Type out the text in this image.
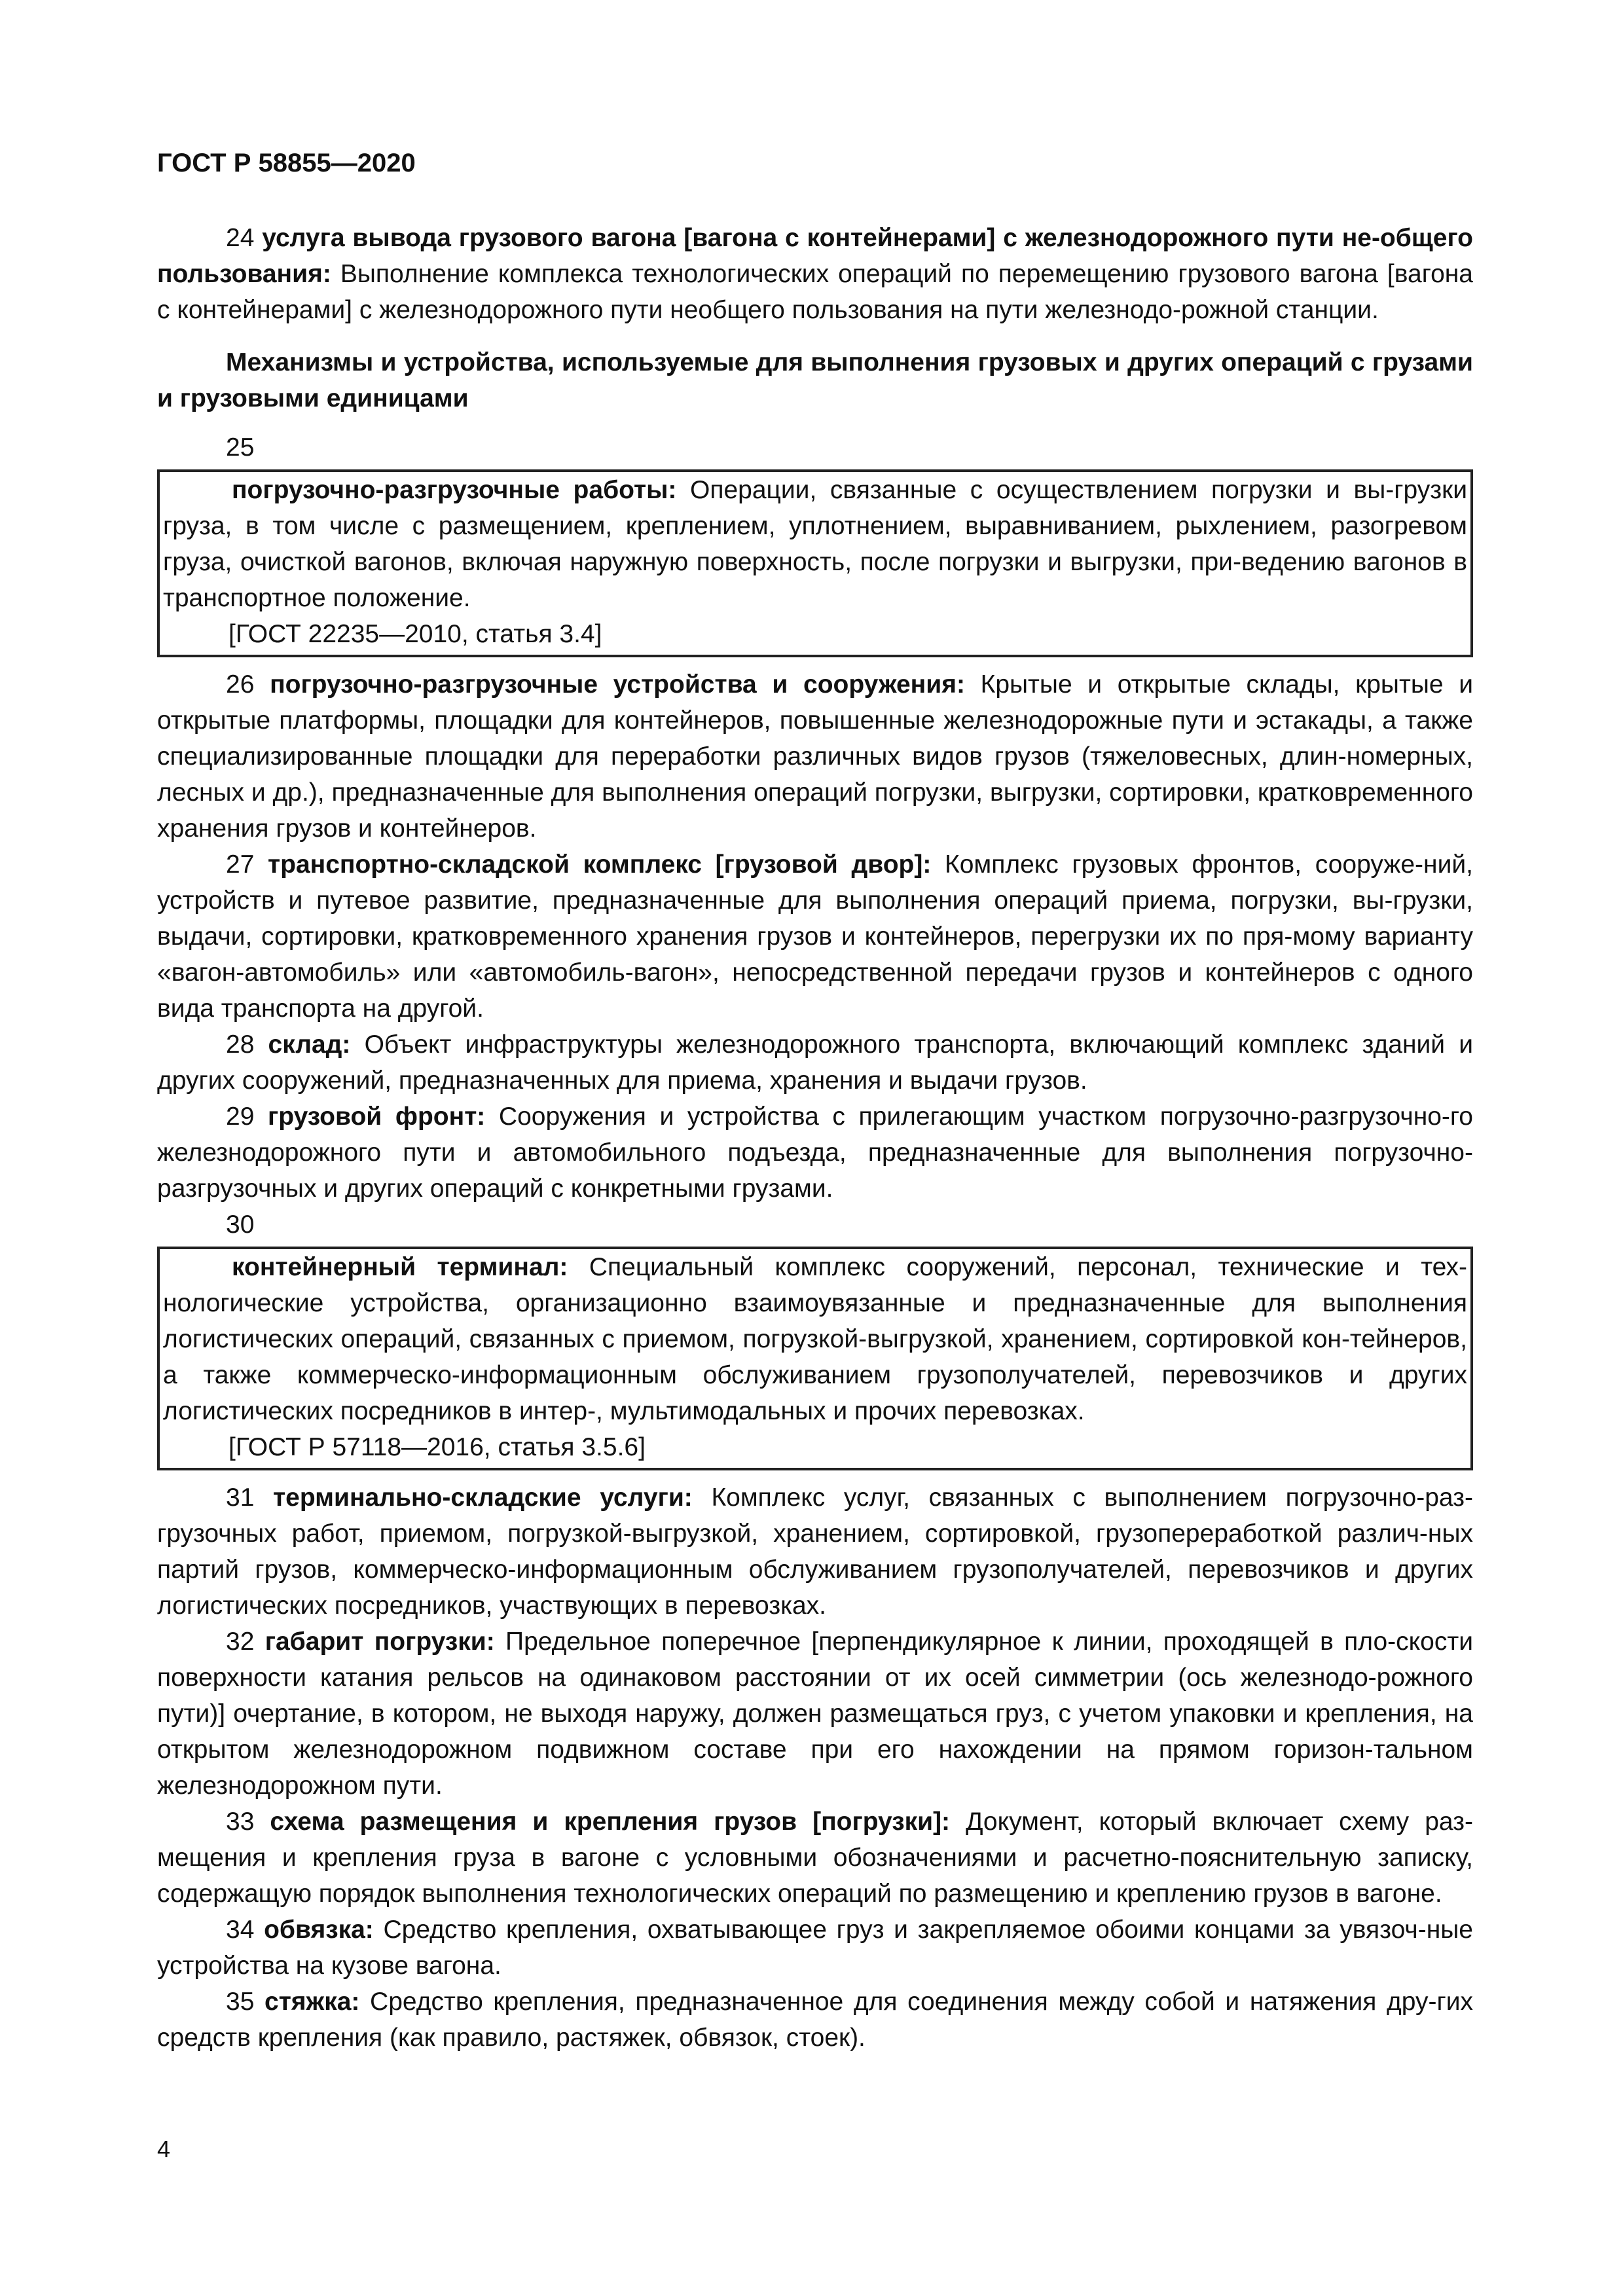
ГОСТ Р 58855—2020

24 услуга вывода грузового вагона [вагона с контейнерами] с железнодорожного пути не-общего пользования: Выполнение комплекса технологических операций по перемещению грузового вагона [вагона с контейнерами] с железнодорожного пути необщего пользования на пути железнодо-рожной станции.

Механизмы и устройства, используемые для выполнения грузовых и других операций с грузами и грузовыми единицами

25

погрузочно-разгрузочные работы: Операции, связанные с осуществлением погрузки и вы-грузки груза, в том числе с размещением, креплением, уплотнением, выравниванием, рыхлением, разогревом груза, очисткой вагонов, включая наружную поверхность, после погрузки и выгрузки, при-ведению вагонов в транспортное положение.

[ГОСТ 22235—2010, статья 3.4]

26 погрузочно-разгрузочные устройства и сооружения: Крытые и открытые склады, крытые и открытые платформы, площадки для контейнеров, повышенные железнодорожные пути и эстакады, а также специализированные площадки для переработки различных видов грузов (тяжеловесных, длин-номерных, лесных и др.), предназначенные для выполнения операций погрузки, выгрузки, сортировки, кратковременного хранения грузов и контейнеров.

27 транспортно-складской комплекс [грузовой двор]: Комплекс грузовых фронтов, сооруже-ний, устройств и путевое развитие, предназначенные для выполнения операций приема, погрузки, вы-грузки, выдачи, сортировки, кратковременного хранения грузов и контейнеров, перегрузки их по пря-мому варианту «вагон-автомобиль» или «автомобиль-вагон», непосредственной передачи грузов и контейнеров с одного вида транспорта на другой.

28 склад: Объект инфраструктуры железнодорожного транспорта, включающий комплекс зданий и других сооружений, предназначенных для приема, хранения и выдачи грузов.

29 грузовой фронт: Сооружения и устройства с прилегающим участком погрузочно-разгрузочно-го железнодорожного пути и автомобильного подъезда, предназначенные для выполнения погрузочно-разгрузочных и других операций с конкретными грузами.

30

контейнерный терминал: Специальный комплекс сооружений, персонал, технические и тех-нологические устройства, организационно взаимоувязанные и предназначенные для выполнения логистических операций, связанных с приемом, погрузкой-выгрузкой, хранением, сортировкой кон-тейнеров, а также коммерческо-информационным обслуживанием грузополучателей, перевозчиков и других логистических посредников в интер-, мультимодальных и прочих перевозках.

[ГОСТ Р 57118—2016, статья 3.5.6]

31 терминально-складские услуги: Комплекс услуг, связанных с выполнением погрузочно-раз-грузочных работ, приемом, погрузкой-выгрузкой, хранением, сортировкой, грузопереработкой различ-ных партий грузов, коммерческо-информационным обслуживанием грузополучателей, перевозчиков и других логистических посредников, участвующих в перевозках.

32 габарит погрузки: Предельное поперечное [перпендикулярное к линии, проходящей в пло-скости поверхности катания рельсов на одинаковом расстоянии от их осей симметрии (ось железнодо-рожного пути)] очертание, в котором, не выходя наружу, должен размещаться груз, с учетом упаковки и крепления, на открытом железнодорожном подвижном составе при его нахождении на прямом горизон-тальном железнодорожном пути.

33 схема размещения и крепления грузов [погрузки]: Документ, который включает схему раз-мещения и крепления груза в вагоне с условными обозначениями и расчетно-пояснительную записку, содержащую порядок выполнения технологических операций по размещению и креплению грузов в вагоне.

34 обвязка: Средство крепления, охватывающее груз и закрепляемое обоими концами за увязоч-ные устройства на кузове вагона.

35 стяжка: Средство крепления, предназначенное для соединения между собой и натяжения дру-гих средств крепления (как правило, растяжек, обвязок, стоек).

4
